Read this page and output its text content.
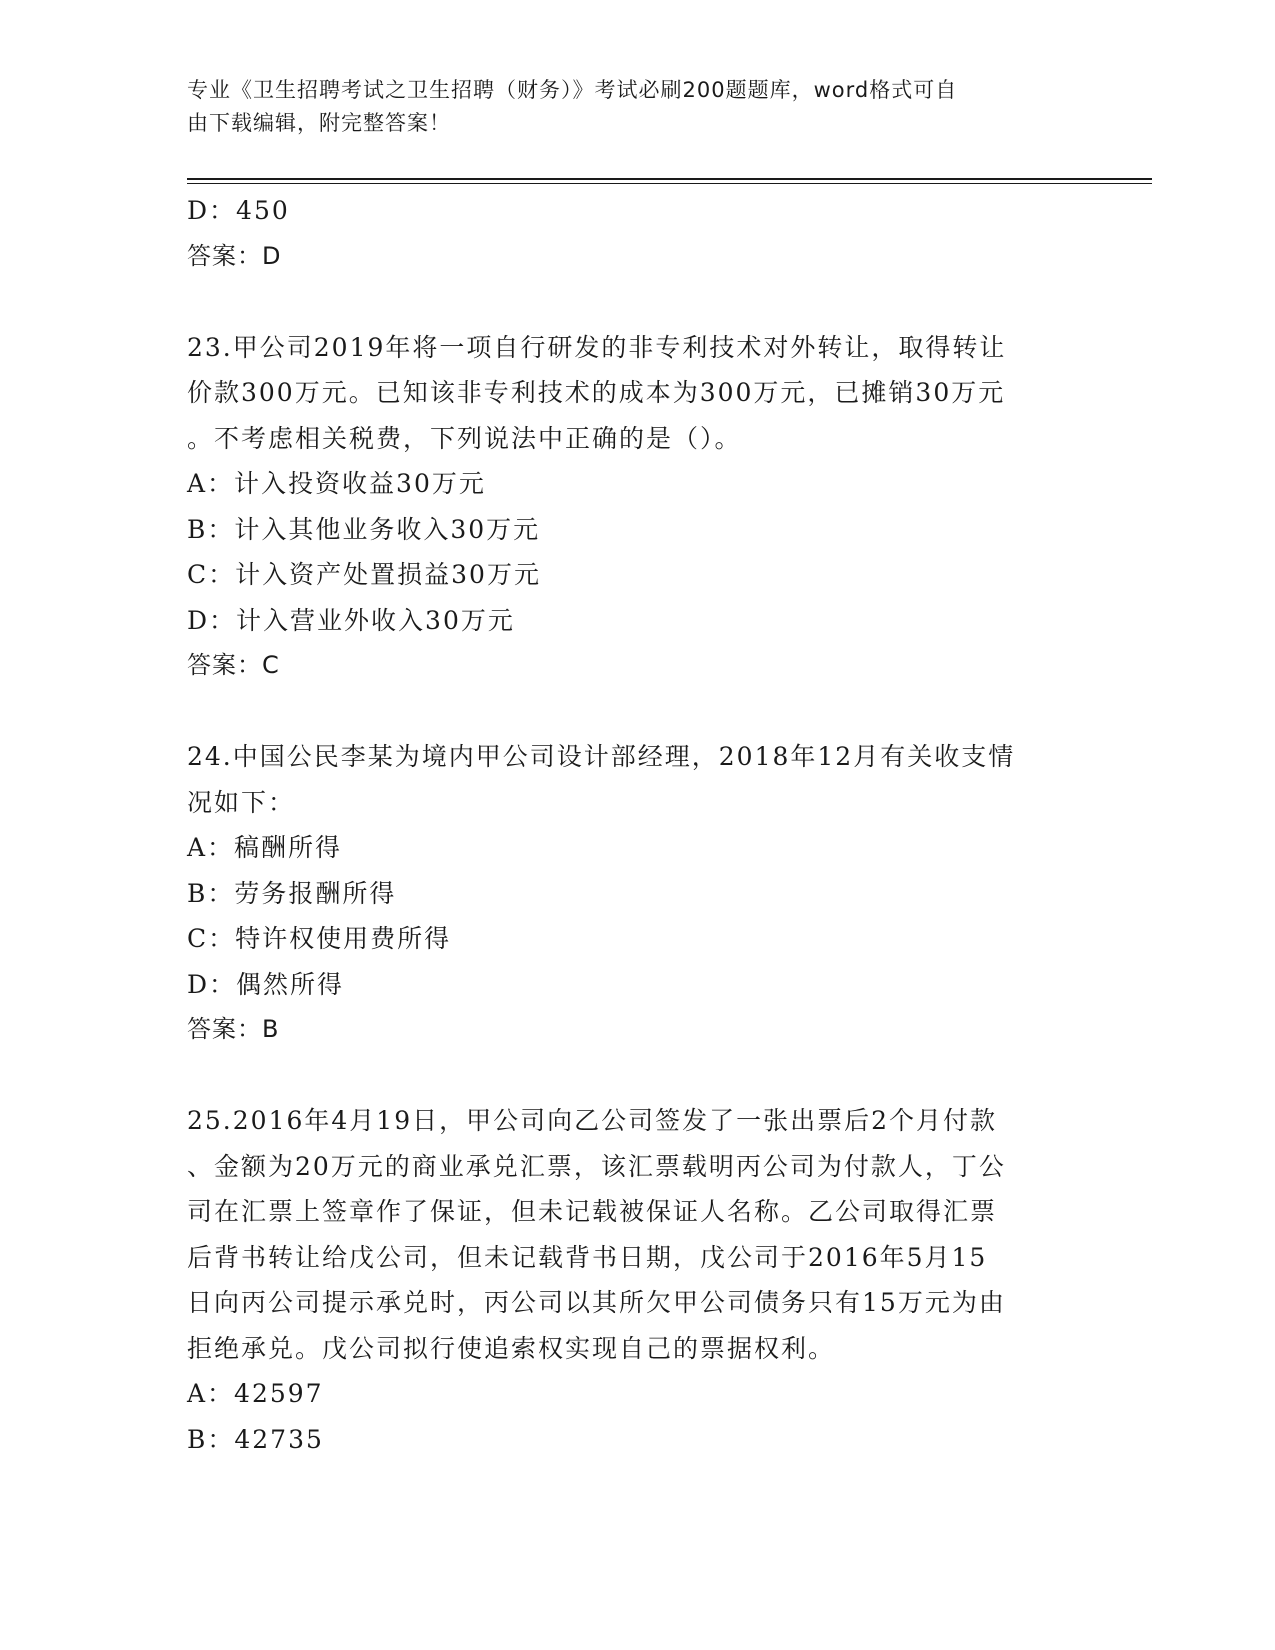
专业《卫生招聘考试之卫生招聘（财务）》考试必刷200题题库，word格式可自
由下载编辑，附完整答案！
D：450
答案：D
23.甲公司2019年将一项自行研发的非专利技术对外转让，取得转让
价款300万元。已知该非专利技术的成本为300万元，已摊销30万元
。不考虑相关税费，下列说法中正确的是（）。
A：计入投资收益30万元
B：计入其他业务收入30万元
C：计入资产处置损益30万元
D：计入营业外收入30万元
答案：C
24.中国公民李某为境内甲公司设计部经理，2018年12月有关收支情
况如下：
A：稿酬所得
B：劳务报酬所得
C：特许权使用费所得
D：偶然所得
答案：B
25.2016年4月19日，甲公司向乙公司签发了一张出票后2个月付款
、金额为20万元的商业承兑汇票，该汇票载明丙公司为付款人，丁公
司在汇票上签章作了保证，但未记载被保证人名称。乙公司取得汇票
后背书转让给戊公司，但未记载背书日期，戊公司于2016年5月15
日向丙公司提示承兑时，丙公司以其所欠甲公司债务只有15万元为由
拒绝承兑。戊公司拟行使追索权实现自己的票据权利。
A：42597
B：42735
